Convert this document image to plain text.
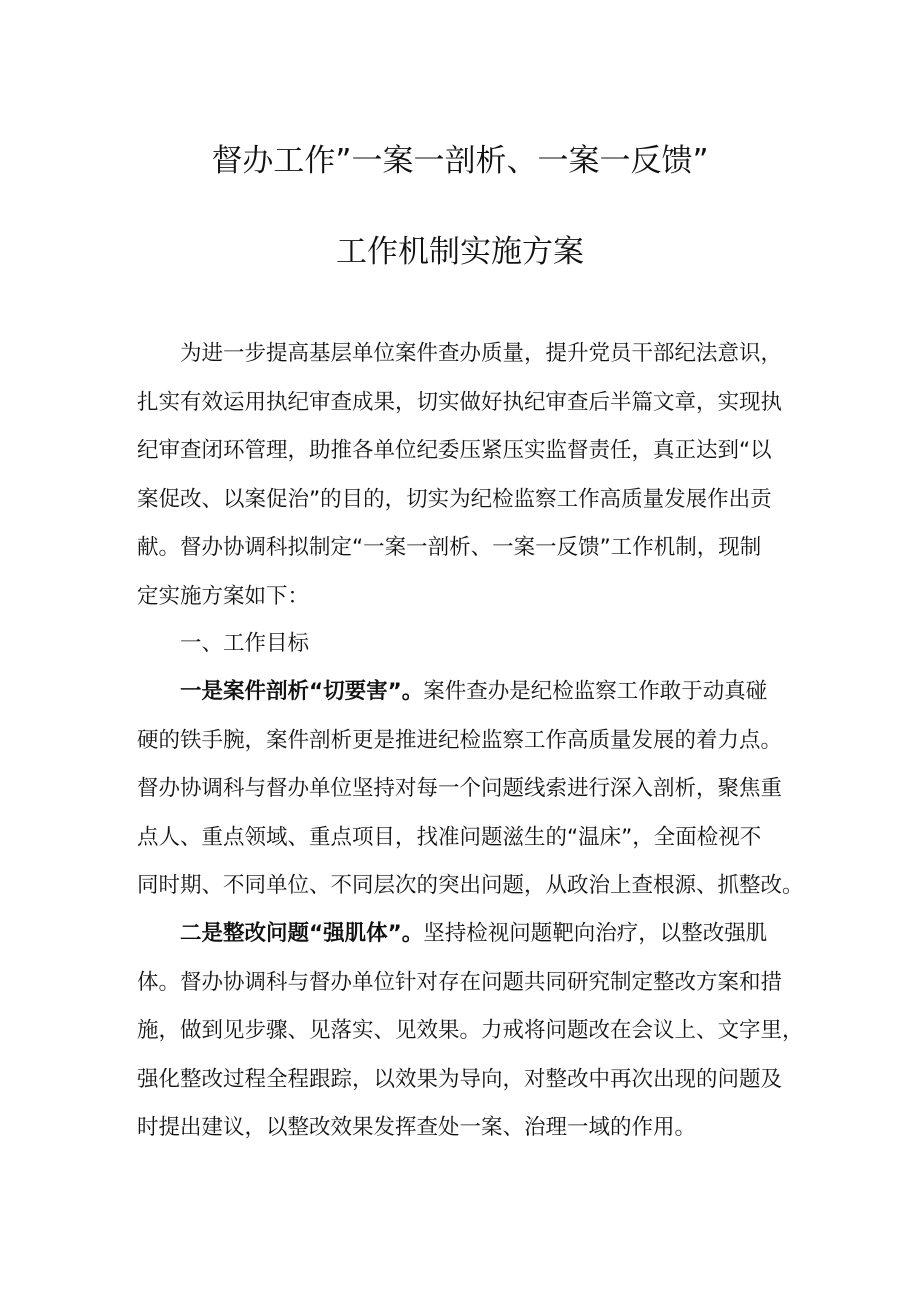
督办工作”一案一剖析、一案一反馈”
工作机制实施方案

为进一步提高基层单位案件查办质量，提升党员干部纪法意识，
扎实有效运用执纪审查成果，切实做好执纪审查后半篇文章，实现执
纪审查闭环管理，助推各单位纪委压紧压实监督责任，真正达到“以
案促改、以案促治”的目的，切实为纪检监察工作高质量发展作出贡
献。督办协调科拟制定“一案一剖析、一案一反馈”工作机制，现制
定实施方案如下：

一、工作目标

一是案件剖析“切要害”。案件查办是纪检监察工作敢于动真碰
硬的铁手腕，案件剖析更是推进纪检监察工作高质量发展的着力点。
督办协调科与督办单位坚持对每一个问题线索进行深入剖析，聚焦重
点人、重点领域、重点项目，找准问题滋生的“温床”，全面检视不
同时期、不同单位、不同层次的突出问题，从政治上查根源、抓整改。

二是整改问题“强肌体”。坚持检视问题靶向治疗，以整改强肌
体。督办协调科与督办单位针对存在问题共同研究制定整改方案和措
施，做到见步骤、见落实、见效果。力戒将问题改在会议上、文字里，
强化整改过程全程跟踪，以效果为导向，对整改中再次出现的问题及
时提出建议，以整改效果发挥查处一案、治理一域的作用。
